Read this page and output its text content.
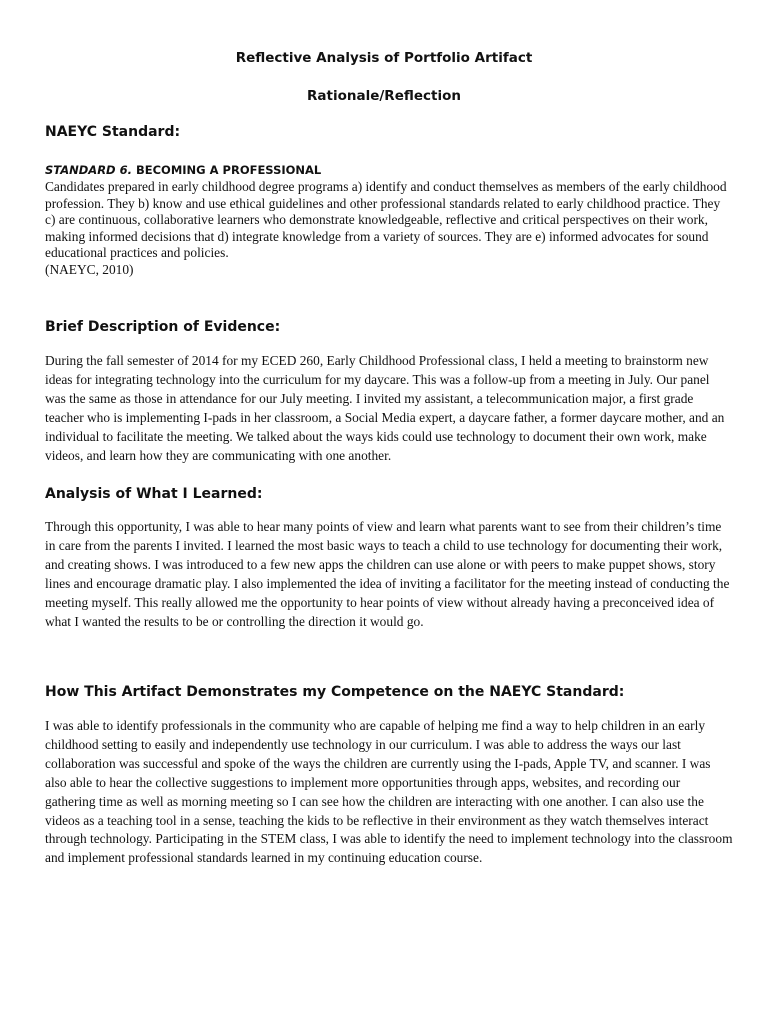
Reflective Analysis of Portfolio Artifact
Rationale/Reflection
NAEYC Standard:
STANDARD 6. BECOMING A PROFESSIONAL

Candidates prepared in early childhood degree programs a) identify and conduct themselves as members of the early childhood profession. They b) know and use ethical guidelines and other professional standards related to early childhood practice. They c) are continuous, collaborative learners who demonstrate knowledgeable, reflective and critical perspectives on their work, making informed decisions that d) integrate knowledge from a variety of sources. They are e) informed advocates for sound educational practices and policies.

(NAEYC, 2010)

Brief Description of Evidence:

During the fall semester of 2014 for my ECED 260, Early Childhood Professional class, I held a meeting to brainstorm new ideas for integrating technology into the curriculum for my daycare. This was a follow-up from a meeting in July. Our panel was the same as those in attendance for our July meeting. I invited my assistant, a telecommunication major, a first grade teacher who is implementing I-pads in her classroom, a Social Media expert, a daycare father, a former daycare mother, and an individual to facilitate the meeting. We talked about the ways kids could use technology to document their own work, make videos, and learn how they are communicating with one another.

Analysis of What I Learned:

Through this opportunity, I was able to hear many points of view and learn what parents want to see from their children’s time in care from the parents I invited. I learned the most basic ways to teach a child to use technology for documenting their work, and creating shows. I was introduced to a few new apps the children can use alone or with peers to make puppet shows, story lines and encourage dramatic play. I also implemented the idea of inviting a facilitator for the meeting instead of conducting the meeting myself. This really allowed me the opportunity to hear points of view without already having a preconceived idea of what I wanted the results to be or controlling the direction it would go.

How This Artifact Demonstrates my Competence on the NAEYC Standard:

I was able to identify professionals in the community who are capable of helping me find a way to help children in an early childhood setting to easily and independently use technology in our curriculum. I was able to address the ways our last collaboration was successful and spoke of the ways the children are currently using the I-pads, Apple TV, and scanner. I was also able to hear the collective suggestions to implement more opportunities through apps, websites, and recording our gathering time as well as morning meeting so I can see how the children are interacting with one another. I can also use the videos as a teaching tool in a sense, teaching the kids to be reflective in their environment as they watch themselves interact through technology. Participating in the STEM class, I was able to identify the need to implement technology into the classroom and implement professional standards learned in my continuing education course.
